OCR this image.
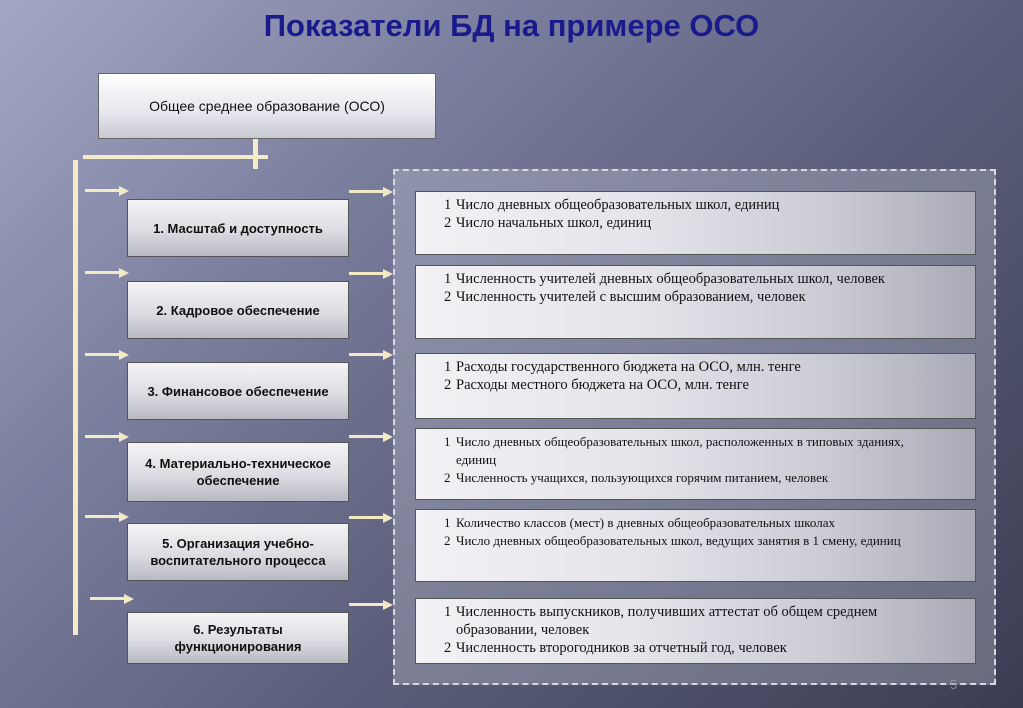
Показатели БД на примере ОСО
Общее среднее образование (ОСО)
1. Масштаб и доступность
2. Кадровое обеспечение
3. Финансовое обеспечение
4. Материально-техническое обеспечение
5. Организация учебно-воспитательного процесса
6. Результаты функционирования
1 Число дневных общеобразовательных школ, единиц
2 Число начальных школ, единиц
1 Численность учителей дневных общеобразовательных школ, человек
2 Численность учителей с высшим образованием, человек
1 Расходы государственного бюджета на ОСО, млн. тенге
2 Расходы местного бюджета на ОСО, млн. тенге
1 Число дневных общеобразовательных школ, расположенных в типовых зданиях, единиц
2 Численность учащихся, пользующихся горячим питанием, человек
1 Количество классов (мест) в дневных общеобразовательных школах
2 Число дневных общеобразовательных школ, ведущих занятия в 1 смену, единиц
1 Численность выпускников, получивших аттестат об общем среднем образовании, человек
2 Численность второгодников за отчетный год, человек
5
